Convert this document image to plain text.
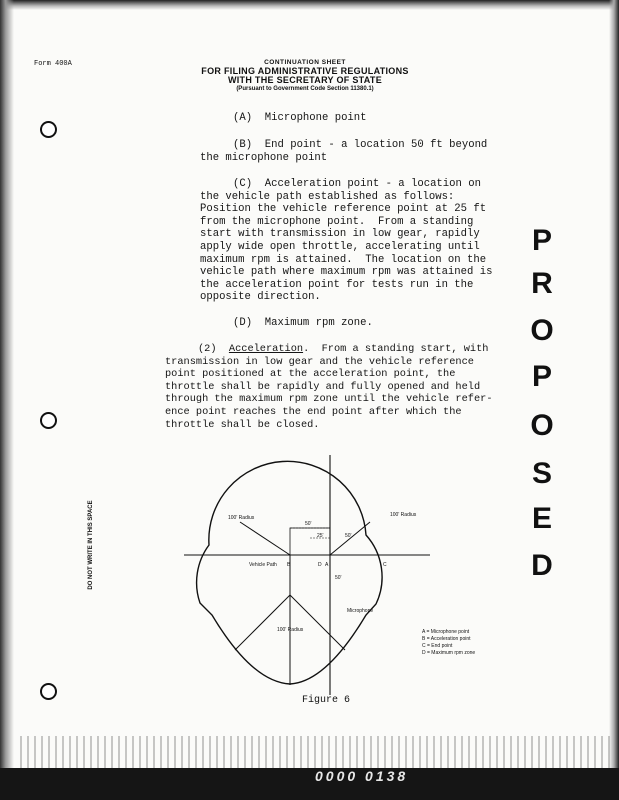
Form 400A	CONTINUATION SHEET
FOR FILING ADMINISTRATIVE REGULATIONS
WITH THE SECRETARY OF STATE
(Pursuant to Government Code Section 11380.1)
DO NOT WRITE IN THIS SPACE
(A)  Microphone point
(B)  End point - a location 50 ft beyond
the microphone point
(C)  Acceleration point - a location on
the vehicle path established as follows:
Position the vehicle reference point at 25 ft
from the microphone point.  From a standing
start with transmission in low gear, rapidly
apply wide open throttle, accelerating until
maximum rpm is attained.  The location on the
vehicle path where maximum rpm was attained is
the acceleration point for tests run in the
opposite direction.
(D)  Maximum rpm zone.
(2)  Acceleration.  From a standing start, with
transmission in low gear and the vehicle reference
point positioned at the acceleration point, the
throttle shall be rapidly and fully opened and held
through the maximum rpm zone until the vehicle refer-
ence point reaches the end point after which the
throttle shall be closed.
P
R
O
P
O
S
E
D
100' Radius	100' Radius
100' Radius
50'
25'	50'
50'
Vehicle Path
Microphone
A
B	C
D
A = Microphone point
B = Acceleration point
C = End point
D = Maximum rpm zone
Figure 6
0000 0138
